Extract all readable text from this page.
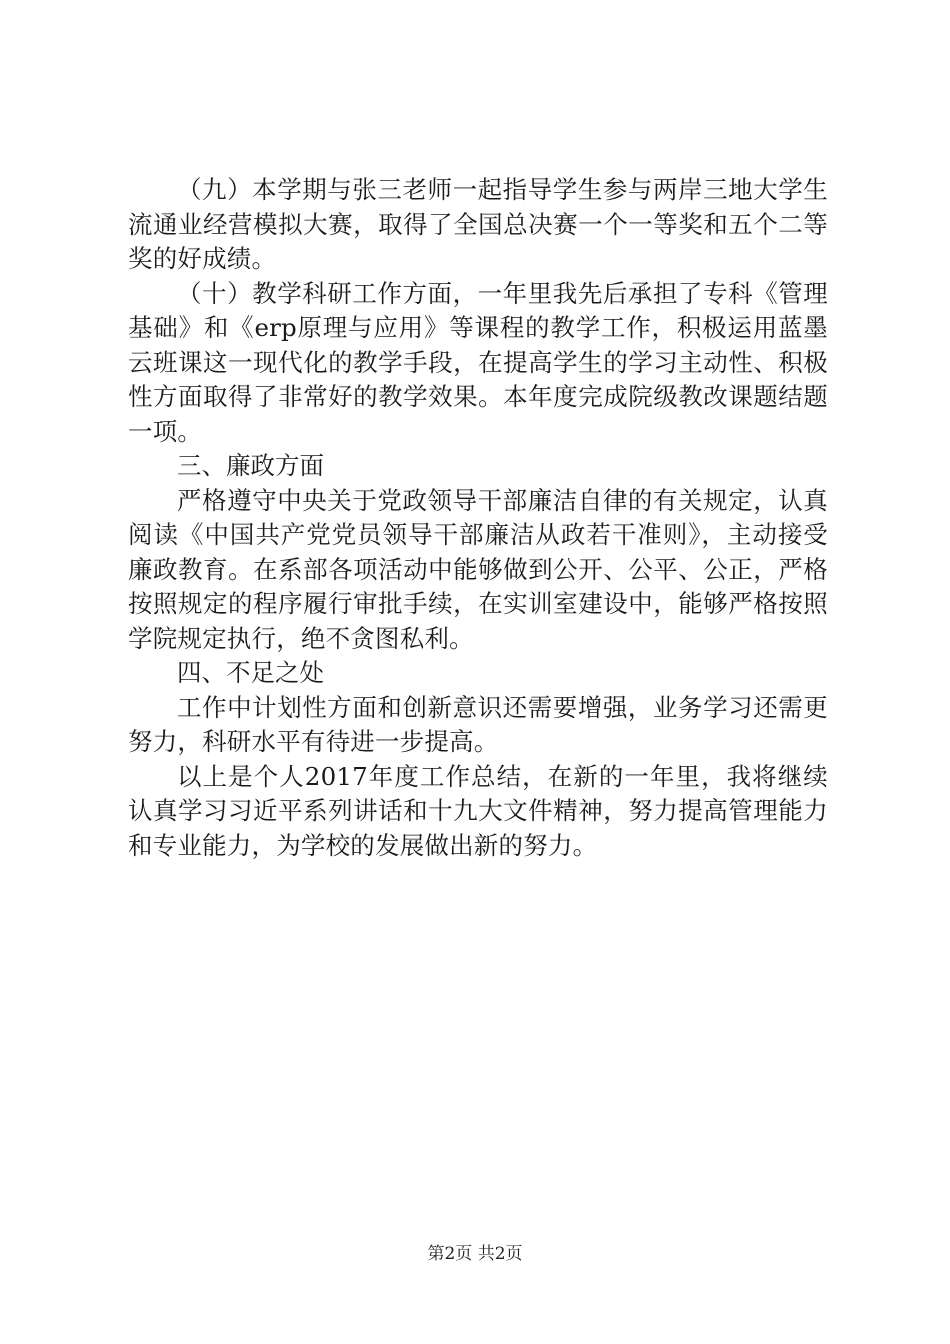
（九）本学期与张三老师一起指导学生参与两岸三地大学生流通业经营模拟大赛，取得了全国总决赛一个一等奖和五个二等奖的好成绩。

（十）教学科研工作方面，一年里我先后承担了专科《管理基础》和《erp原理与应用》等课程的教学工作，积极运用蓝墨云班课这一现代化的教学手段，在提高学生的学习主动性、积极性方面取得了非常好的教学效果。本年度完成院级教改课题结题一项。

三、廉政方面

严格遵守中央关于党政领导干部廉洁自律的有关规定，认真阅读《中国共产党党员领导干部廉洁从政若干准则》，主动接受廉政教育。在系部各项活动中能够做到公开、公平、公正，严格按照规定的程序履行审批手续，在实训室建设中，能够严格按照学院规定执行，绝不贪图私利。

四、不足之处

工作中计划性方面和创新意识还需要增强，业务学习还需更努力，科研水平有待进一步提高。

以上是个人2017年度工作总结，在新的一年里，我将继续认真学习习近平系列讲话和十九大文件精神，努力提高管理能力和专业能力，为学校的发展做出新的努力。

第2页 共2页
